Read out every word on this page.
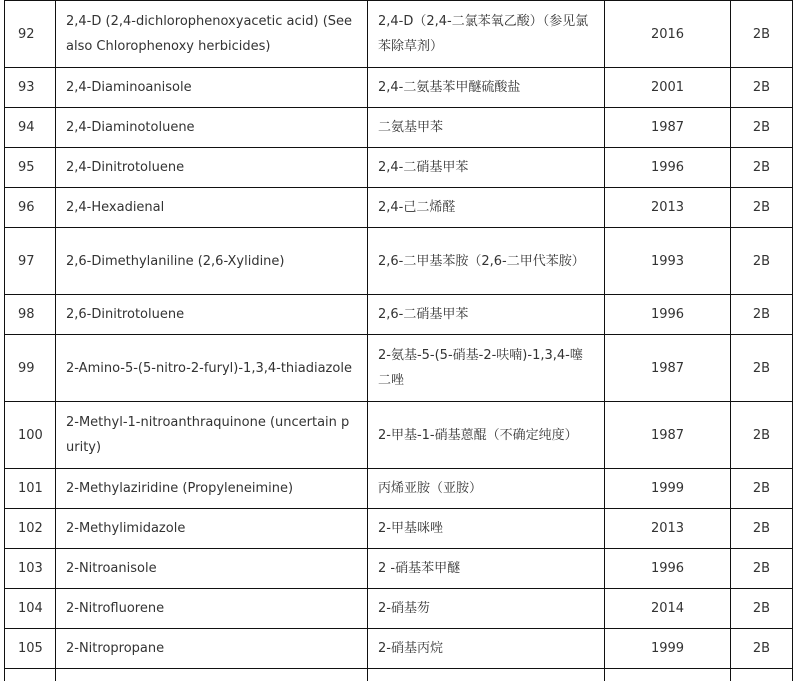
92	2,4-D (2,4-dichlorophenoxyacetic acid) (See also Chlorophenoxy herbicides)	2,4-D（2,4-二氯苯氧乙酸）（参见氯苯除草剂）	2016	2B
93	2,4-Diaminoanisole	2,4-二氨基苯甲醚硫酸盐	2001	2B
94	2,4-Diaminotoluene	二氨基甲苯	1987	2B
95	2,4-Dinitrotoluene	2,4-二硝基甲苯	1996	2B
96	2,4-Hexadienal	2,4-己二烯醛	2013	2B
97	2,6-Dimethylaniline (2,6-Xylidine)	2,6-二甲基苯胺（2,6-二甲代苯胺）	1993	2B
98	2,6-Dinitrotoluene	2,6-二硝基甲苯	1996	2B
99	2-Amino-5-(5-nitro-2-furyl)-1,3,4-thiadiazole	2-氨基-5-(5-硝基-2-呋喃)-1,3,4-噻二唑	1987	2B
100	2-Methyl-1-nitroanthraquinone (uncertain purity)	2-甲基-1-硝基蒽醌（不确定纯度）	1987	2B
101	2-Methylaziridine (Propyleneimine)	丙烯亚胺（亚胺）	1999	2B
102	2-Methylimidazole	2-甲基咪唑	2013	2B
103	2-Nitroanisole	2 -硝基苯甲醚	1996	2B
104	2-Nitrofluorene	2-硝基芴	2014	2B
105	2-Nitropropane	2-硝基丙烷	1999	2B
